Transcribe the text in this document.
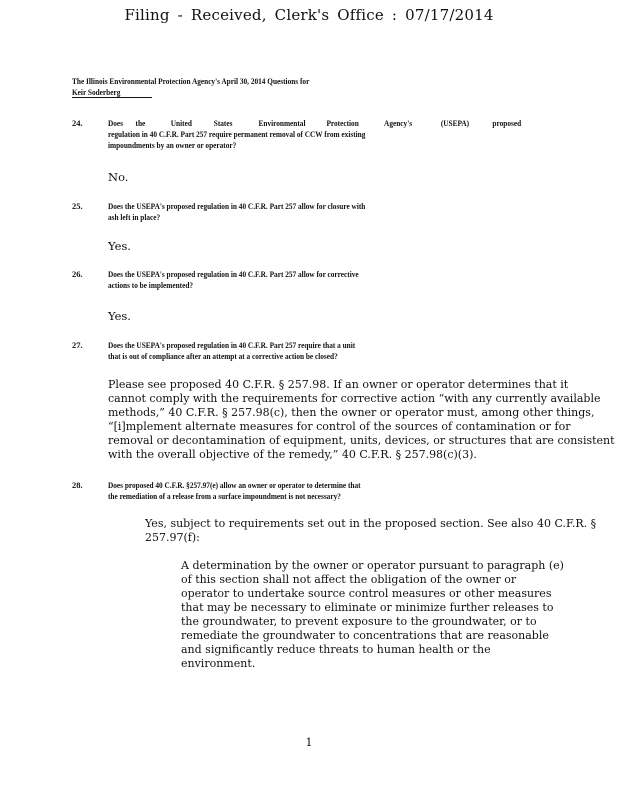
Filing - Received, Clerk's Office : 07/17/2014
The Illinois Environmental Protection Agency's April 30, 2014 Questions for
Keir Soderberg
24.	Does the	United	States	Environmental Protection	Agency's	(USEPA)	proposed
regulation in 40 C.F.R. Part 257 require permanent removal of CCW from existing
impoundments by an owner or operator?
No.
25.	Does the USEPA's proposed regulation in 40 C.F.R. Part 257 allow for closure with
ash left in place?
Yes.
26.	Does the USEPA's proposed regulation in 40 C.F.R. Part 257 allow for corrective
actions to be implemented?
Yes.
27.	Does the USEPA's proposed regulation in 40 C.F.R. Part 257 require that a unit
that is out of compliance after an attempt at a corrective action be closed?
Please see proposed 40 C.F.R. § 257.98. If an owner or operator determines that it
cannot comply with the requirements for corrective action “with any currently available
methods,” 40 C.F.R. § 257.98(c), then the owner or operator must, among other things,
“[i]mplement alternate measures for control of the sources of contamination or for
removal or decontamination of equipment, units, devices, or structures that are consistent
with the overall objective of the remedy,” 40 C.F.R. § 257.98(c)(3).
28.	Does proposed 40 C.F.R. §257.97(e) allow an owner or operator to determine that
the remediation of a release from a surface impoundment is not necessary?
Yes, subject to requirements set out in the proposed section. See also 40 C.F.R. §
257.97(f):
A determination by the owner or operator pursuant to paragraph (e)
of this section shall not affect the obligation of the owner or
operator to undertake source control measures or other measures
that may be necessary to eliminate or minimize further releases to
the groundwater, to prevent exposure to the groundwater, or to
remediate the groundwater to concentrations that are reasonable
and significantly reduce threats to human health or the
environment.
1
